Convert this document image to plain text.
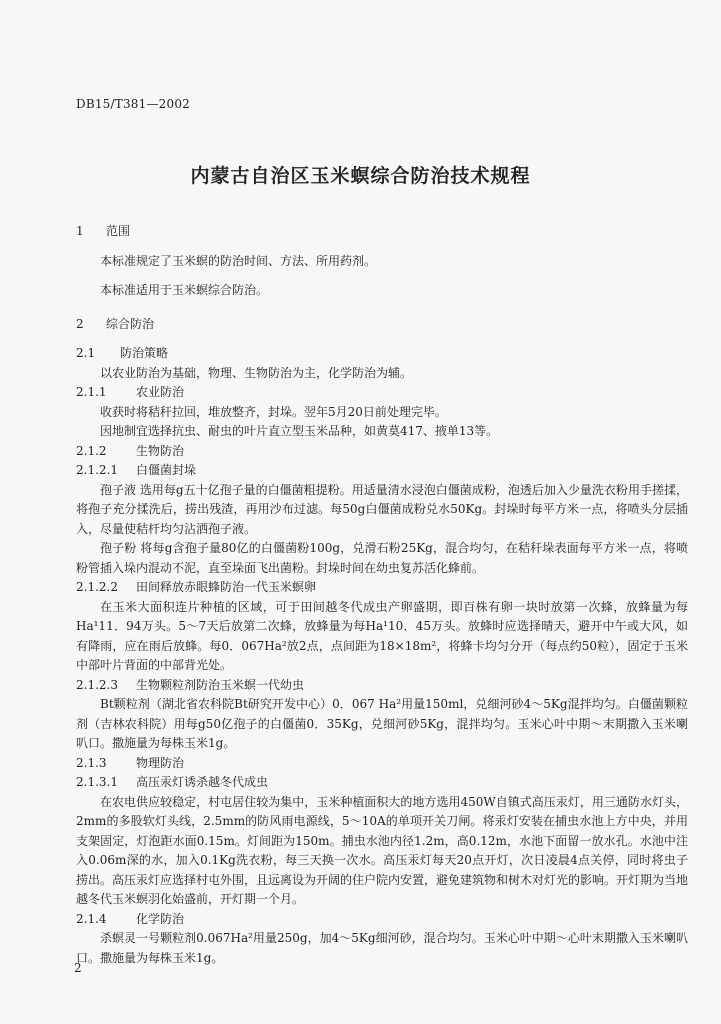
DB15/T381—2002
内蒙古自治区玉米螟综合防治技术规程

1 范围

本标准规定了玉米螟的防治时间、方法、所用药剂。

本标准适用于玉米螟综合防治。

2 综合防治

2.1 防治策略

以农业防治为基础，物理、生物防治为主，化学防治为辅。

2.1.1 农业防治

收获时将秸秆拉回，堆放整齐，封垛。翌年5月20日前处理完毕。

因地制宜选择抗虫、耐虫的叶片直立型玉米品种，如黄莫417、掖单13等。

2.1.2 生物防治

2.1.2.1 白僵菌封垛

孢子液 选用每g五十亿孢子量的白僵菌粗提粉。用适量清水浸泡白僵菌成粉，泡透后加入少量洗衣粉用手搓揉，将孢子充分揉洗后，捞出残渣，再用沙布过滤。每50g白僵菌成粉兑水50Kg。封垛时每平方米一点，将喷头分层插入，尽量使秸杆均匀沾洒孢子液。

孢子粉 将每g含孢子量80亿的白僵菌粉100g，兑滑石粉25Kg，混合均匀，在秸秆垛表面每平方米一点，将喷粉管插入垛内混动不泥，直至垛面飞出菌粉。封垛时间在幼虫复苏活化蜂前。

2.1.2.2 田间释放赤眼蜂防治一代玉米螟卵

在玉米大面积连片种植的区域，可于田间越冬代成虫产卵盛期，即百株有卵一块时放第一次蜂，放蜂量为每Ha¹11．94万头。5～7天后放第二次蜂，放蜂量为每Ha¹10．45万头。放蜂时应选择晴天，避开中午或大风，如有降雨，应在雨后放蜂。每0．067Ha²放2点，点间距为18×18m²，将蜂卡均匀分开（每点约50粒），固定于玉米中部叶片背面的中部背光处。

2.1.2.3 生物颗粒剂防治玉米螟一代幼虫

Bt颗粒剂（湖北省农科院Bt研究开发中心）0．067 Ha²用量150ml，兑细河砂4～5Kg混拌均匀。白僵菌颗粒剂（吉林农科院）用每g50亿孢子的白僵菌0．35Kg，兑细河砂5Kg，混拌均匀。玉米心叶中期～末期撒入玉米喇叭口。撒施量为每株玉米1g。

2.1.3 物理防治

2.1.3.1 高压汞灯诱杀越冬代成虫

在农电供应较稳定，村屯居住较为集中，玉米种植面积大的地方选用450W自镇式高压汞灯，用三通防水灯头，2mm的多股软灯头线，2.5mm的防风雨电源线，5～10A的单项开关刀闸。将汞灯安装在捕虫水池上方中央，并用支架固定，灯泡距水面0.15m。灯间距为150m。捕虫水池内径1.2m，高0.12m，水池下面留一放水孔。水池中注入0.06m深的水，加入0.1Kg洗衣粉，每三天换一次水。高压汞灯每天20点开灯，次日凌晨4点关停，同时将虫子捞出。高压汞灯应选择村屯外围，且远离设为开阔的住户院内安置，避免建筑物和树木对灯光的影响。开灯期为当地越冬代玉米螟羽化始盛前，开灯期一个月。

2.1.4 化学防治

杀螟灵一号颗粒剂0.067Ha²用量250g，加4～5Kg细河砂，混合均匀。玉米心叶中期～心叶末期撒入玉米喇叭口。撒施量为每株玉米1g。

2
